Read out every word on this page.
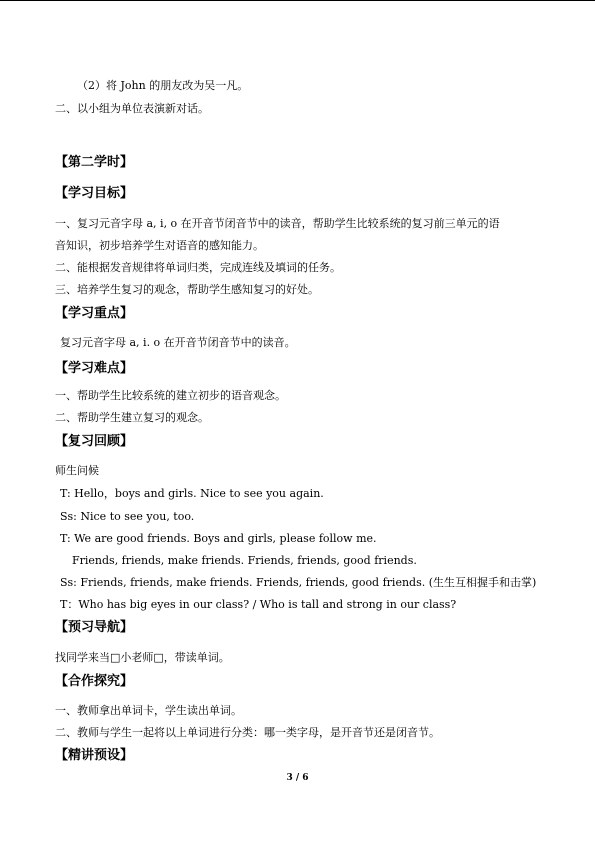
（2）将 John 的朋友改为吴一凡。
二、以小组为单位表演新对话。
【第二学时】
【学习目标】
一、复习元音字母 a, i, o 在开音节闭音节中的读音，帮助学生比较系统的复习前三单元的语
音知识，初步培养学生对语音的感知能力。
二、能根据发音规律将单词归类，完成连线及填词的任务。
三、培养学生复习的观念，帮助学生感知复习的好处。
【学习重点】
复习元音字母 a, i. o 在开音节闭音节中的读音。
【学习难点】
一、帮助学生比较系统的建立初步的语音观念。
二、帮助学生建立复习的观念。
【复习回顾】
师生问候
T: Hello，boys and girls. Nice to see you again.
Ss: Nice to see you, too.
T: We are good friends. Boys and girls, please follow me.
Friends, friends, make friends. Friends, friends, good friends.
Ss: Friends, friends, make friends. Friends, friends, good friends. (生生互相握手和击掌)
T：Who has big eyes in our class? / Who is tall and strong in our class?
【预习导航】
找同学来当□小老师□，带读单词。
【合作探究】
一、教师拿出单词卡，学生读出单词。
二、教师与学生一起将以上单词进行分类：哪一类字母，是开音节还是闭音节。
【精讲预设】
3 / 6
